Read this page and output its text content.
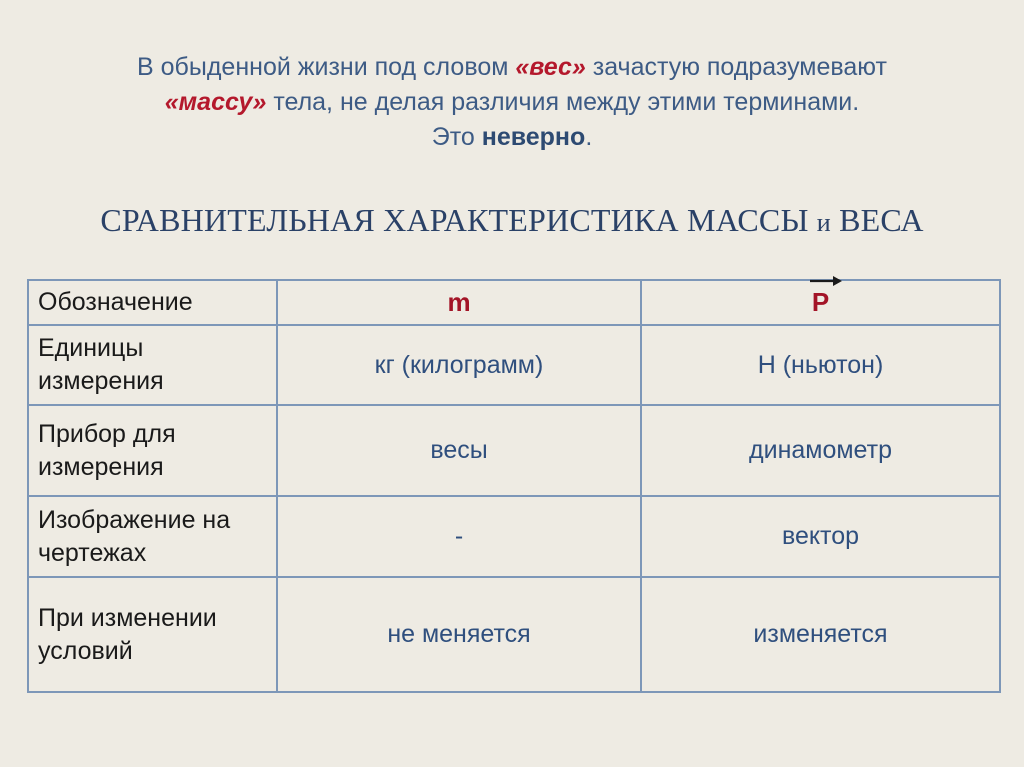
В обыденной жизни под словом «вес» зачастую подразумевают
«массу» тела, не делая различия между этими терминами.
Это неверно.
СРАВНИТЕЛЬНАЯ ХАРАКТЕРИСТИКА МАССЫ и ВЕСА
Обозначение	m	P
Единицы измерения	кг (килограмм)	Н (ньютон)
Прибор для измерения	весы	динамометр
Изображение на чертежах	-	вектор
При изменении условий	не меняется	изменяется
